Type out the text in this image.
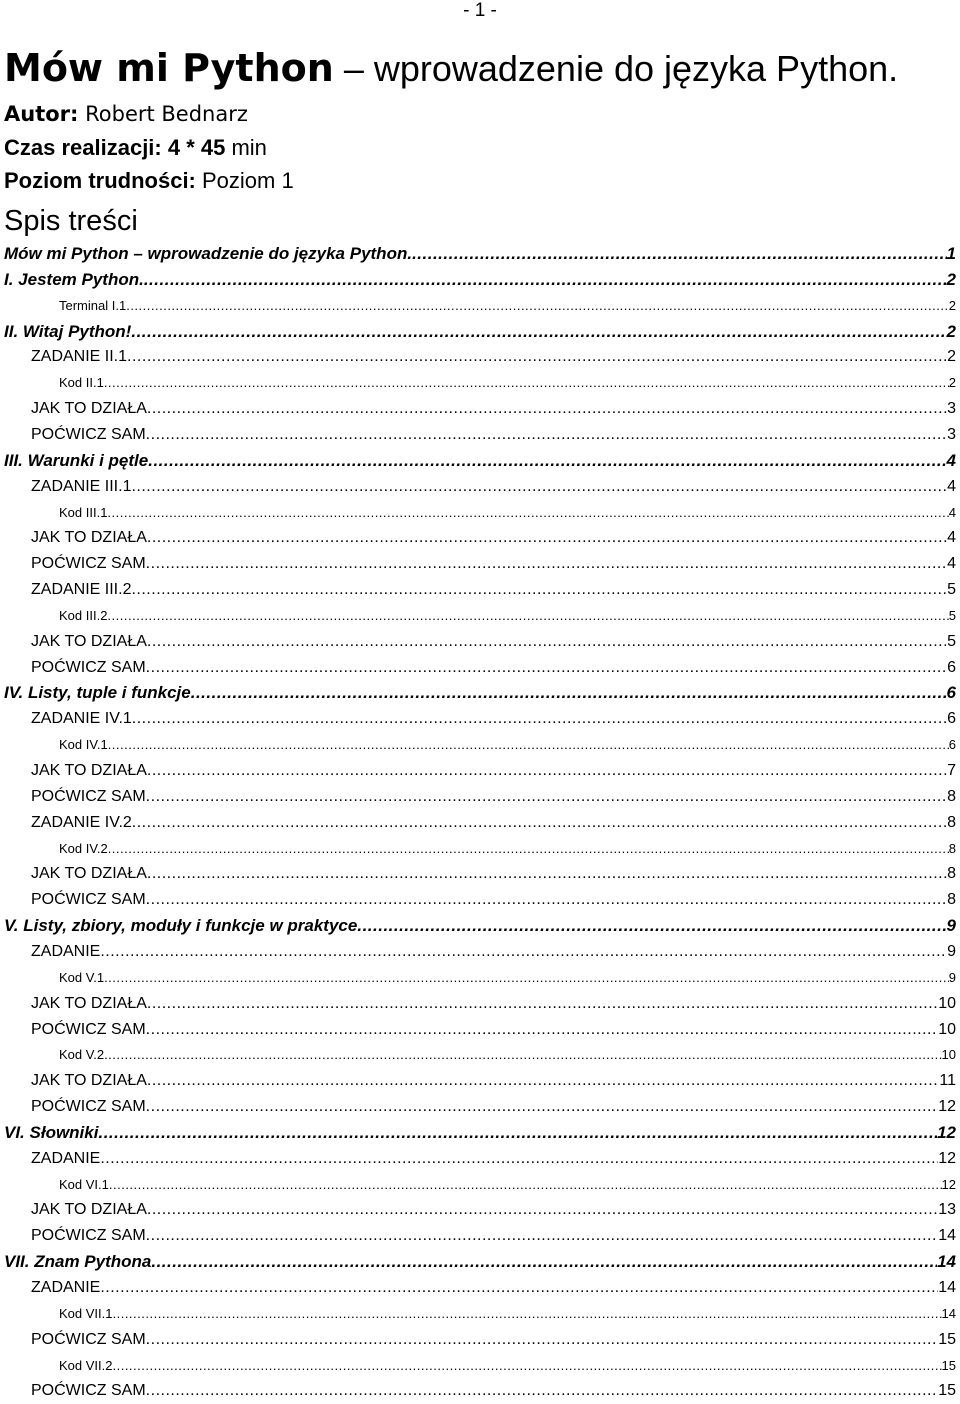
- 1 -
Mów mi Python – wprowadzenie do języka Python.
Autor: Robert Bednarz
Czas realizacji: 4 * 45 min
Poziom trudności: Poziom 1
Spis treści
Mów mi Python – wprowadzenie do języka Python. .....	1
I. Jestem Python. .....	2
Terminal I.1 .....	2
II. Witaj Python! .....	2
ZADANIE II.1 .....	2
Kod II.1 .....	2
JAK TO DZIAŁA .....	3
POĆWICZ SAM .....	3
III. Warunki i pętle .....	4
ZADANIE III.1 .....	4
Kod III.1 .....	4
JAK TO DZIAŁA .....	4
POĆWICZ SAM .....	4
ZADANIE III.2 .....	5
Kod III.2 .....	5
JAK TO DZIAŁA .....	5
POĆWICZ SAM .....	6
IV. Listy, tuple i funkcje .....	6
ZADANIE IV.1 .....	6
Kod IV.1 .....	6
JAK TO DZIAŁA .....	7
POĆWICZ SAM .....	8
ZADANIE IV.2 .....	8
Kod IV.2 .....	8
JAK TO DZIAŁA .....	8
POĆWICZ SAM .....	8
V. Listy, zbiory, moduły i funkcje w praktyce .....	9
ZADANIE .....	9
Kod V.1 .....	9
JAK TO DZIAŁA .....	10
POĆWICZ SAM .....	10
Kod V.2 .....	10
JAK TO DZIAŁA .....	11
POĆWICZ SAM .....	12
VI. Słowniki .....	12
ZADANIE .....	12
Kod VI.1 .....	12
JAK TO DZIAŁA .....	13
POĆWICZ SAM .....	14
VII. Znam Pythona .....	14
ZADANIE .....	14
Kod VII.1 .....	14
POĆWICZ SAM .....	15
Kod VII.2 .....	15
POĆWICZ SAM .....	15
